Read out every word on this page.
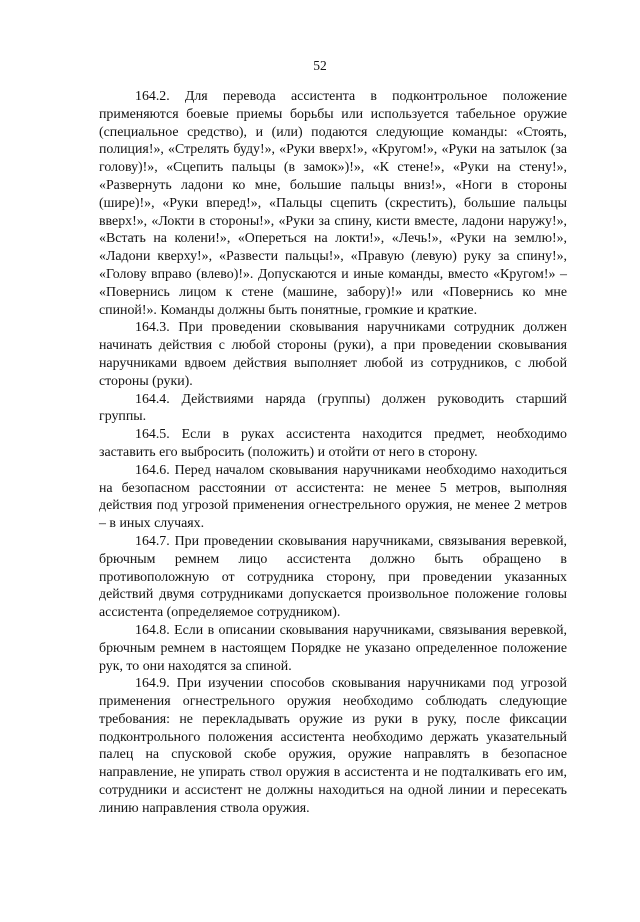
52

164.2. Для перевода ассистента в подконтрольное положение применяются боевые приемы борьбы или используется табельное оружие (специальное средство), и (или) подаются следующие команды: «Стоять, полиция!», «Стрелять буду!», «Руки вверх!», «Кругом!», «Руки на затылок (за голову)!», «Сцепить пальцы (в замок»)!», «К стене!», «Руки на стену!», «Развернуть ладони ко мне, большие пальцы вниз!», «Ноги в стороны (шире)!», «Руки вперед!», «Пальцы сцепить (скрестить), большие пальцы вверх!», «Локти в стороны!», «Руки за спину, кисти вместе, ладони наружу!», «Встать на колени!», «Опереться на локти!», «Лечь!», «Руки на землю!», «Ладони кверху!», «Развести пальцы!», «Правую (левую) руку за спину!», «Голову вправо (влево)!». Допускаются и иные команды, вместо «Кругом!» – «Повернись лицом к стене (машине, забору)!» или «Повернись ко мне спиной!». Команды должны быть понятные, громкие и краткие.

164.3. При проведении сковывания наручниками сотрудник должен начинать действия с любой стороны (руки), а при проведении сковывания наручниками вдвоем действия выполняет любой из сотрудников, с любой стороны (руки).

164.4. Действиями наряда (группы) должен руководить старший группы.

164.5. Если в руках ассистента находится предмет, необходимо заставить его выбросить (положить) и отойти от него в сторону.

164.6. Перед началом сковывания наручниками необходимо находиться на безопасном расстоянии от ассистента: не менее 5 метров, выполняя действия под угрозой применения огнестрельного оружия, не менее 2 метров – в иных случаях.

164.7. При проведении сковывания наручниками, связывания веревкой, брючным ремнем лицо ассистента должно быть обращено в противоположную от сотрудника сторону, при проведении указанных действий двумя сотрудниками допускается произвольное положение головы ассистента (определяемое сотрудником).

164.8. Если в описании сковывания наручниками, связывания веревкой, брючным ремнем в настоящем Порядке не указано определенное положение рук, то они находятся за спиной.

164.9. При изучении способов сковывания наручниками под угрозой применения огнестрельного оружия необходимо соблюдать следующие требования: не перекладывать оружие из руки в руку, после фиксации подконтрольного положения ассистента необходимо держать указательный палец на спусковой скобе оружия, оружие направлять в безопасное направление, не упирать ствол оружия в ассистента и не подталкивать его им, сотрудники и ассистент не должны находиться на одной линии и пересекать линию направления ствола оружия.
